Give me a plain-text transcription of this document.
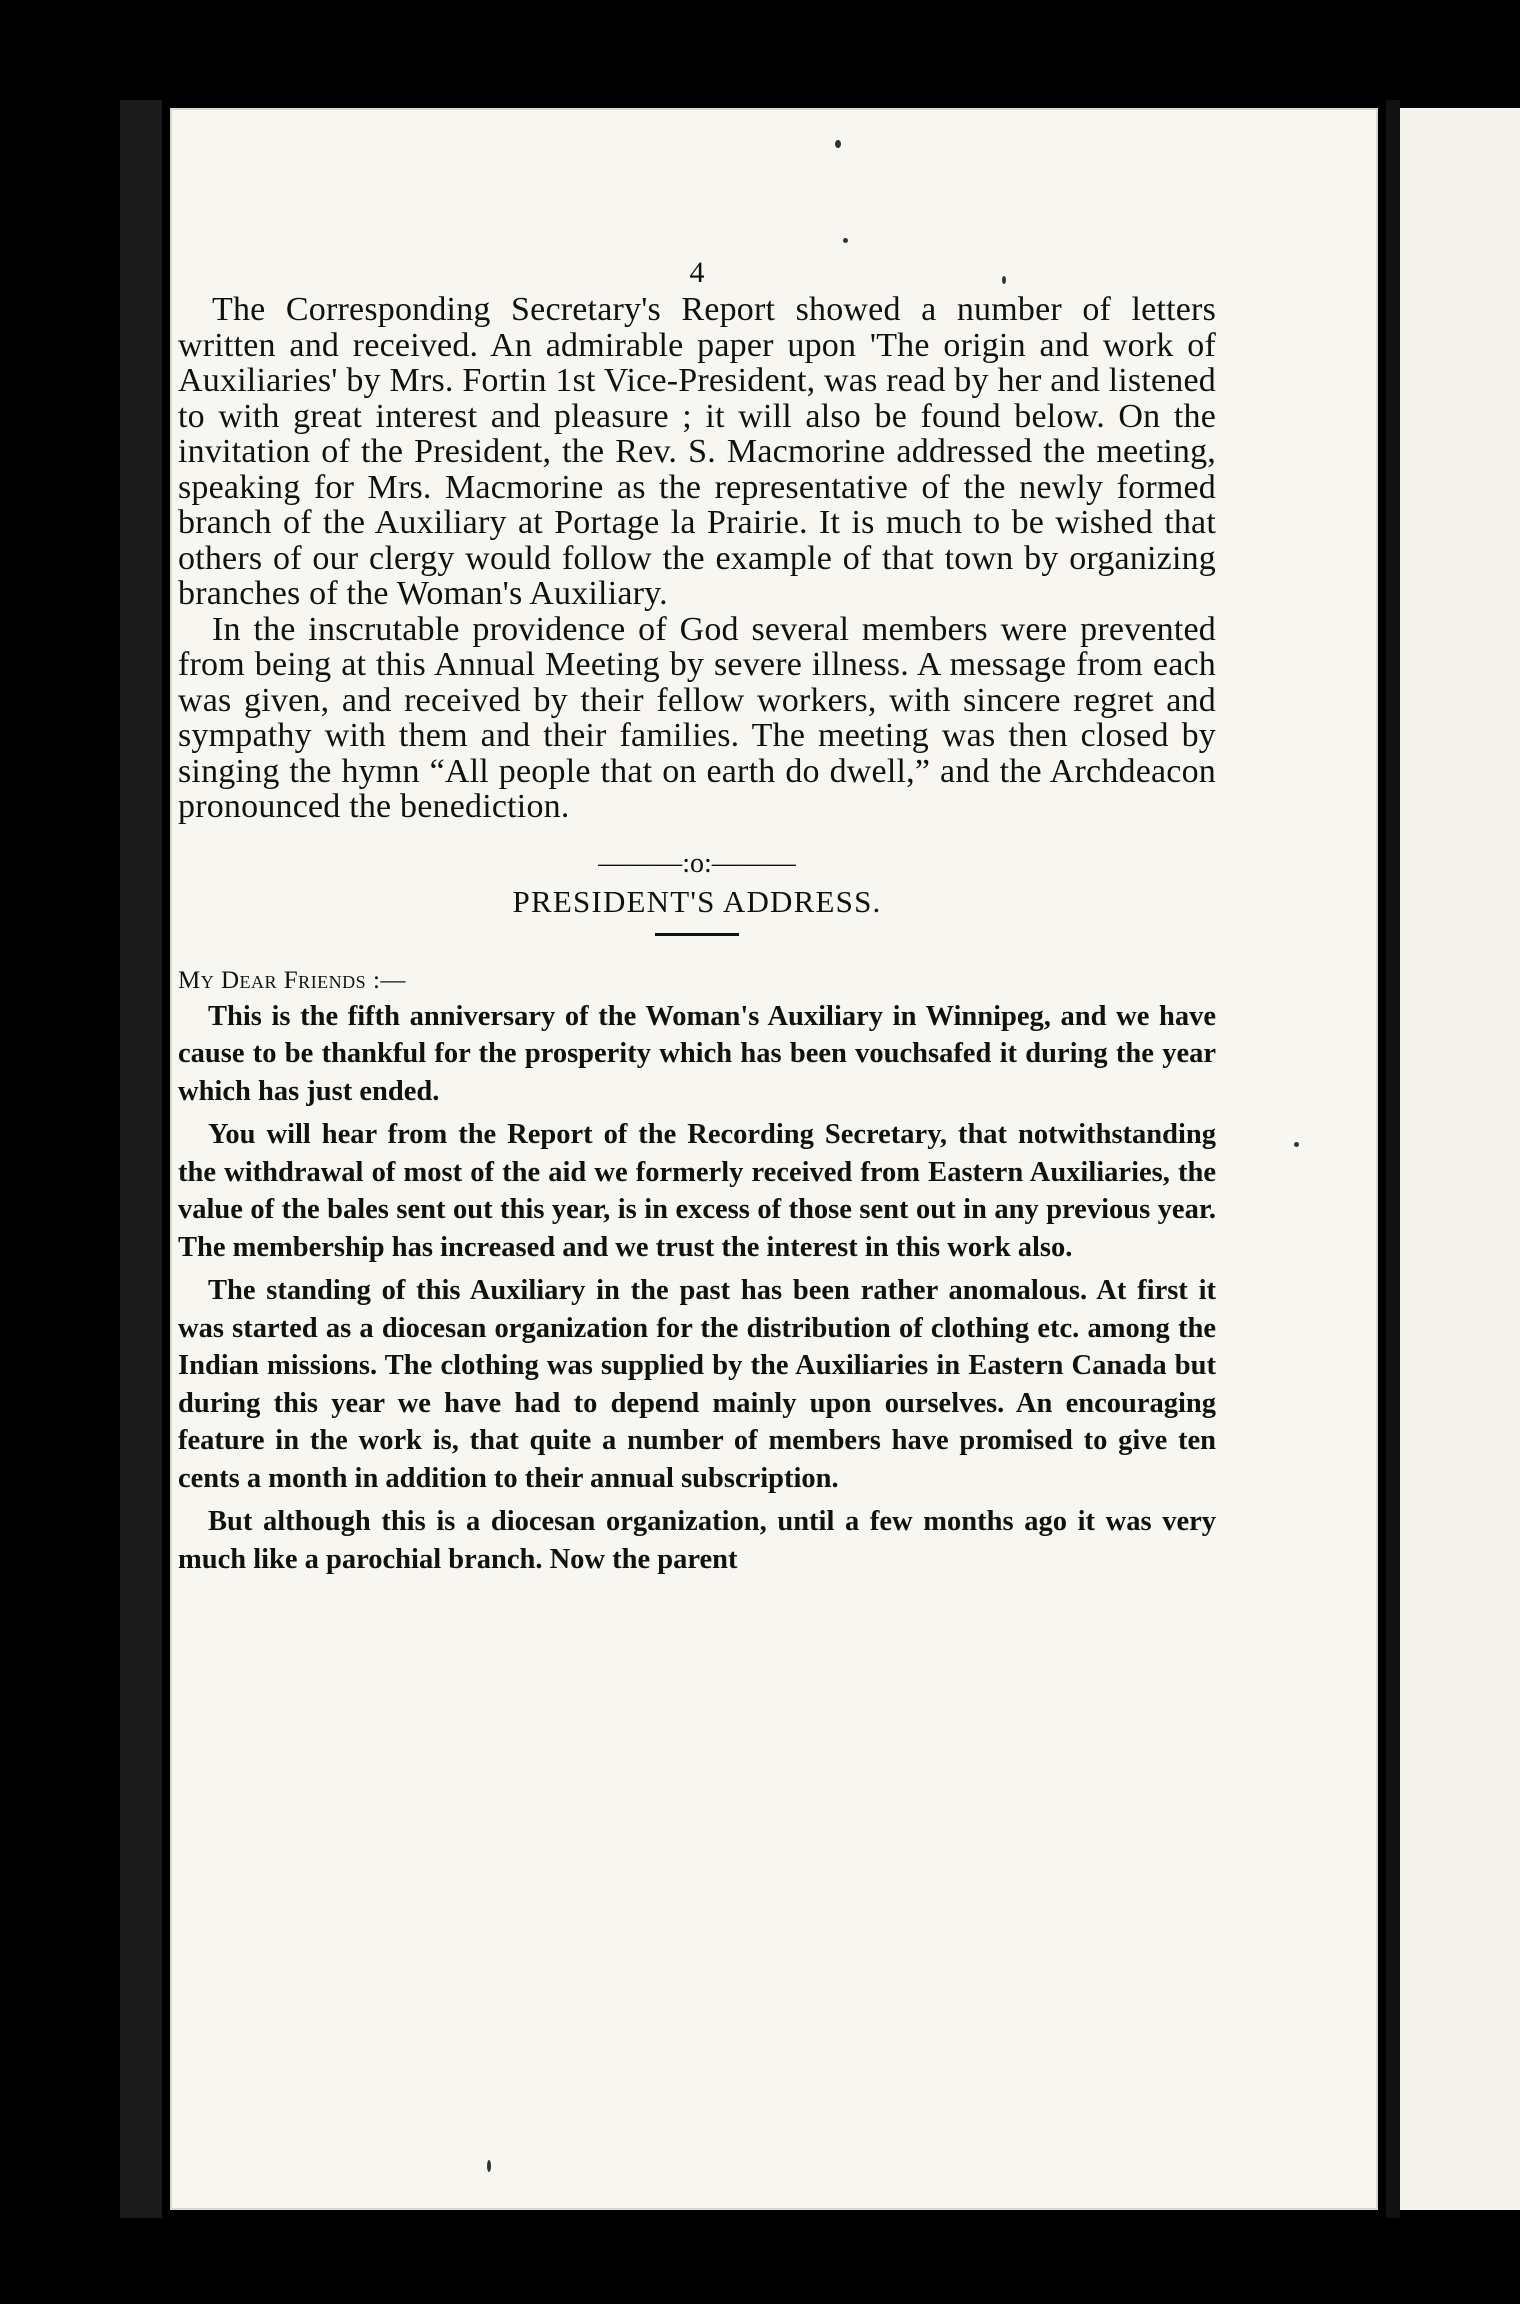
4

The Corresponding Secretary's Report showed a number of letters written and received. An admirable paper upon 'The origin and work of Auxiliaries' by Mrs. Fortin 1st Vice-President, was read by her and listened to with great interest and pleasure ; it will also be found below. On the invitation of the President, the Rev. S. Macmorine addressed the meeting, speaking for Mrs. Macmorine as the representative of the newly formed branch of the Auxiliary at Portage la Prairie. It is much to be wished that others of our clergy would follow the example of that town by organizing branches of the Woman's Auxiliary.

In the inscrutable providence of God several members were prevented from being at this Annual Meeting by severe illness. A message from each was given, and received by their fellow workers, with sincere regret and sympathy with them and their families. The meeting was then closed by singing the hymn “All people that on earth do dwell,” and the Archdeacon pronounced the benediction.

———:o:———
PRESIDENT'S ADDRESS.
My Dear Friends :—

This is the fifth anniversary of the Woman's Auxiliary in Winnipeg, and we have cause to be thankful for the prosperity which has been vouchsafed it during the year which has just ended.

You will hear from the Report of the Recording Secretary, that notwithstanding the withdrawal of most of the aid we formerly received from Eastern Auxiliaries, the value of the bales sent out this year, is in excess of those sent out in any previous year. The membership has increased and we trust the interest in this work also.

The standing of this Auxiliary in the past has been rather anomalous. At first it was started as a diocesan organization for the distribution of clothing etc. among the Indian missions. The clothing was supplied by the Auxiliaries in Eastern Canada but during this year we have had to depend mainly upon ourselves. An encouraging feature in the work is, that quite a number of members have promised to give ten cents a month in addition to their annual subscription.

But although this is a diocesan organization, until a few months ago it was very much like a parochial branch. Now the parent
